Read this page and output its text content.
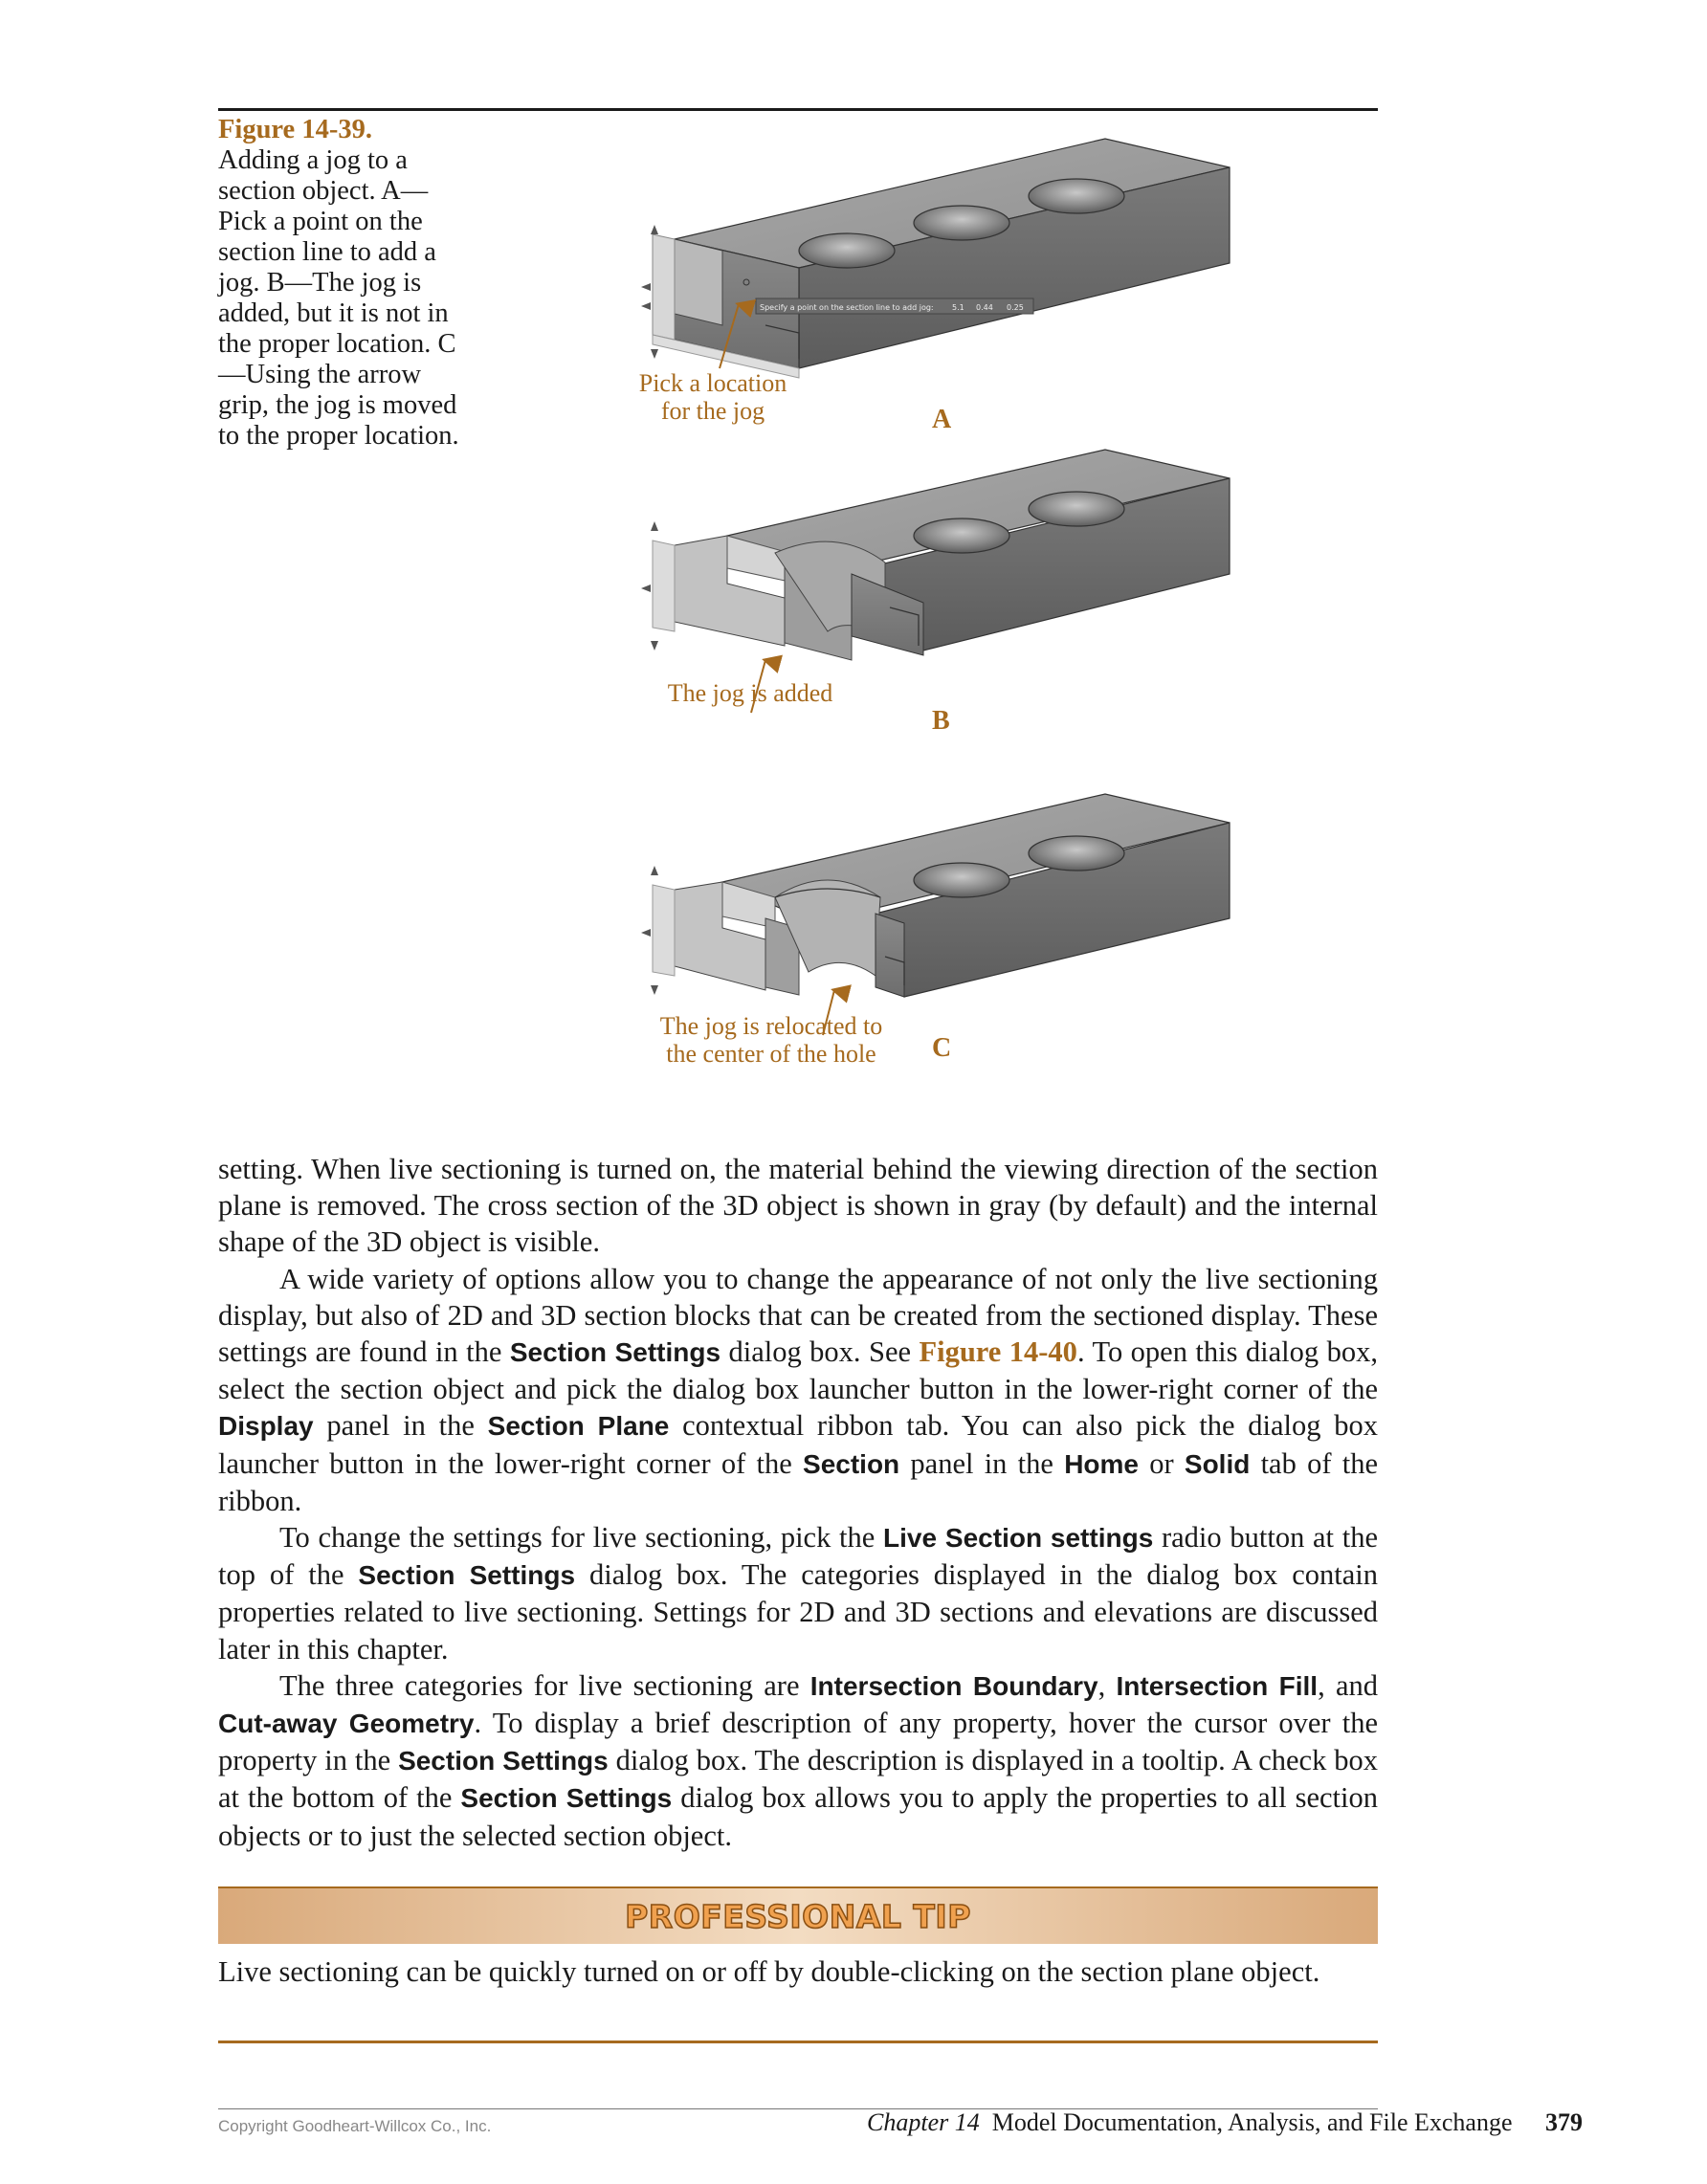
Figure 14-39.
Adding a jog to a section object. A—Pick a point on the section line to add a jog. B—The jog is added, but it is not in the proper location. C—Using the arrow grip, the jog is moved to the proper location.
Specify a point on the section line to add jog: 5.1 0.44 0.25
Pick a location
for the jog	A
The jog is added
B
The jog is relocated to
the center of the hole	C

setting. When live sectioning is turned on, the material behind the viewing direction of the section plane is removed. The cross section of the 3D object is shown in gray (by default) and the internal shape of the 3D object is visible.

A wide variety of options allow you to change the appearance of not only the live sectioning display, but also of 2D and 3D section blocks that can be created from the sectioned display. These settings are found in the Section Settings dialog box. See Figure 14-40. To open this dialog box, select the section object and pick the dialog box launcher button in the lower-right corner of the Display panel in the Section Plane contextual ribbon tab. You can also pick the dialog box launcher button in the lower-right corner of the Section panel in the Home or Solid tab of the ribbon.

To change the settings for live sectioning, pick the Live Section settings radio button at the top of the Section Settings dialog box. The categories displayed in the dialog box contain properties related to live sectioning. Settings for 2D and 3D sections and elevations are discussed later in this chapter.

The three categories for live sectioning are Intersection Boundary, Intersection Fill, and Cut-away Geometry. To display a brief description of any property, hover the cursor over the property in the Section Settings dialog box. The description is displayed in a tooltip. A check box at the bottom of the Section Settings dialog box allows you to apply the properties to all section objects or to just the selected section object.

PROFESSIONAL TIP
Live sectioning can be quickly turned on or off by double-clicking on the section plane object.
Copyright Goodheart-Willcox Co., Inc.	Chapter 14 Model Documentation, Analysis, and File Exchange 379
